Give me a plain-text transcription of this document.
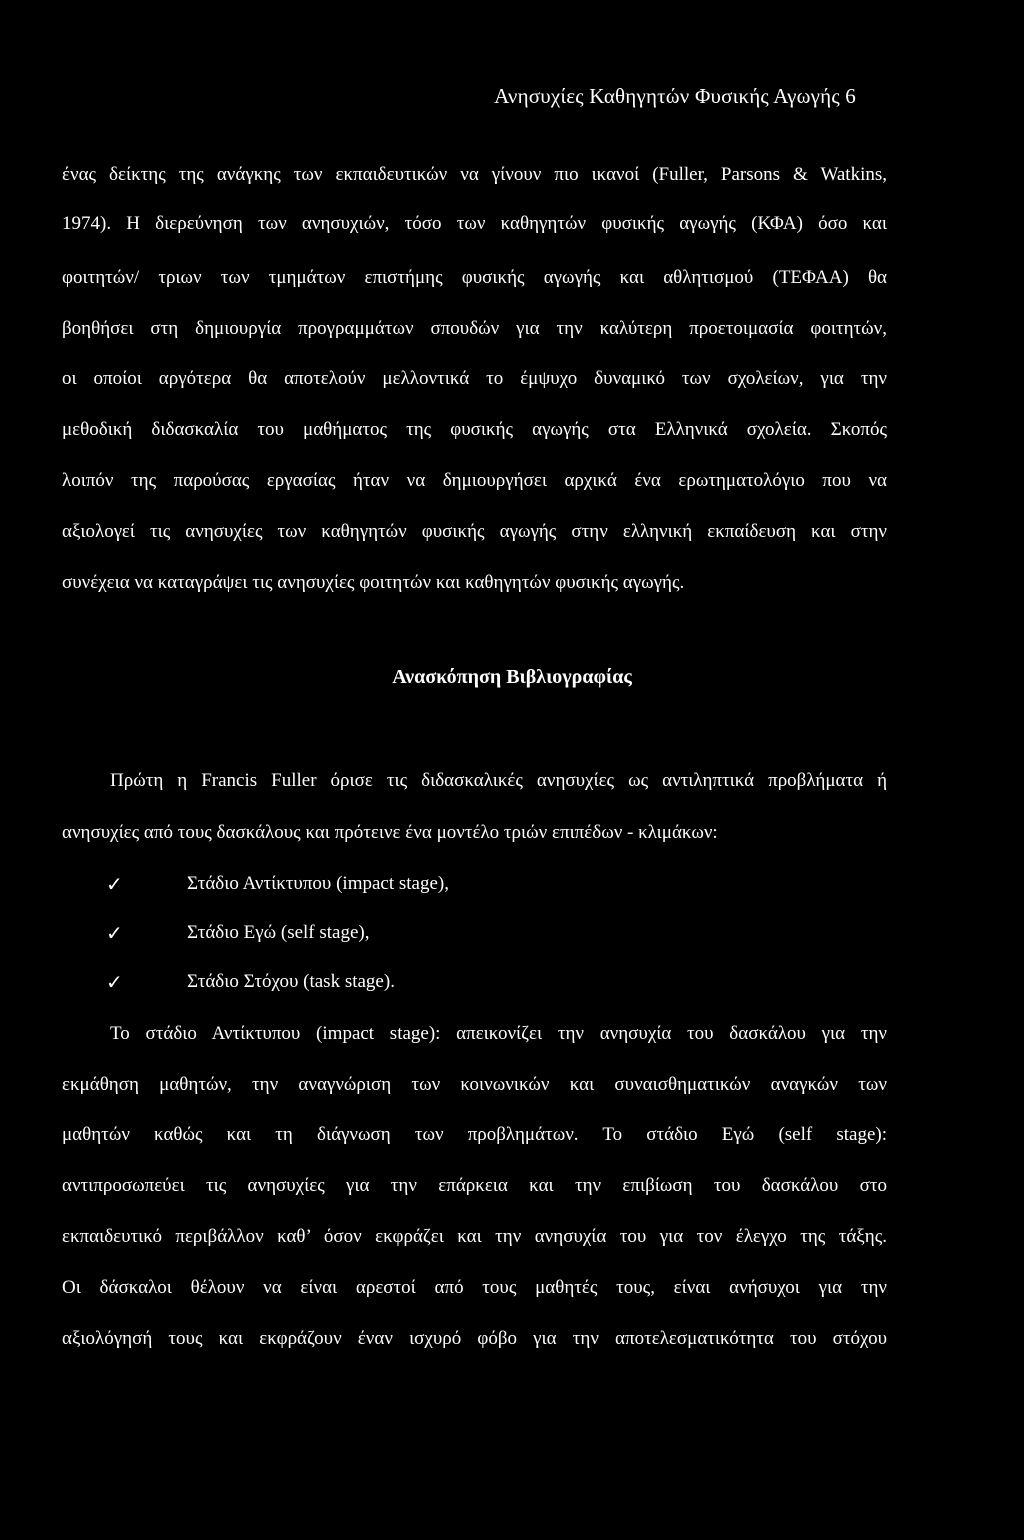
Ανησυχίες Καθηγητών Φυσικής Αγωγής 6
ένας δείκτης της ανάγκης των εκπαιδευτικών να γίνουν πιο ικανοί (Fuller, Parsons & Watkins,
1974). Η διερεύνηση των ανησυχιών, τόσο των καθηγητών φυσικής αγωγής (ΚΦΑ) όσο και
φοιτητών/ τριων των τμημάτων επιστήμης φυσικής αγωγής και αθλητισμού (ΤΕΦΑΑ) θα
βοηθήσει στη δημιουργία προγραμμάτων σπουδών για την καλύτερη προετοιμασία φοιτητών,
οι οποίοι αργότερα θα αποτελούν μελλοντικά το έμψυχο δυναμικό των σχολείων, για την
μεθοδική διδασκαλία του μαθήματος της φυσικής αγωγής στα Ελληνικά σχολεία. Σκοπός
λοιπόν της παρούσας εργασίας ήταν να δημιουργήσει αρχικά ένα ερωτηματολόγιο που να
αξιολογεί τις ανησυχίες των καθηγητών φυσικής αγωγής στην ελληνική εκπαίδευση και στην
συνέχεια να καταγράψει τις ανησυχίες φοιτητών και καθηγητών φυσικής αγωγής.
Ανασκόπηση Βιβλιογραφίας
Πρώτη η Francis Fuller όρισε τις διδασκαλικές ανησυχίες ως αντιληπτικά προβλήματα ή
ανησυχίες από τους δασκάλους και πρότεινε ένα μοντέλο τριών επιπέδων - κλιμάκων:
✓	Στάδιο Αντίκτυπου (impact stage),
✓	Στάδιο Εγώ (self stage),
✓	Στάδιο Στόχου (task stage).
Το στάδιο Αντίκτυπου (impact stage): απεικονίζει την ανησυχία του δασκάλου για την
εκμάθηση μαθητών, την αναγνώριση των κοινωνικών και συναισθηματικών αναγκών των
μαθητών καθώς και τη διάγνωση των προβλημάτων. Το στάδιο Εγώ (self stage):
αντιπροσωπεύει τις ανησυχίες για την επάρκεια και την επιβίωση του δασκάλου στο
εκπαιδευτικό περιβάλλον καθ’ όσον εκφράζει και την ανησυχία του για τον έλεγχο της τάξης.
Οι δάσκαλοι θέλουν να είναι αρεστοί από τους μαθητές τους, είναι ανήσυχοι για την
αξιολόγησή τους και εκφράζουν έναν ισχυρό φόβο για την αποτελεσματικότητα του στόχου
